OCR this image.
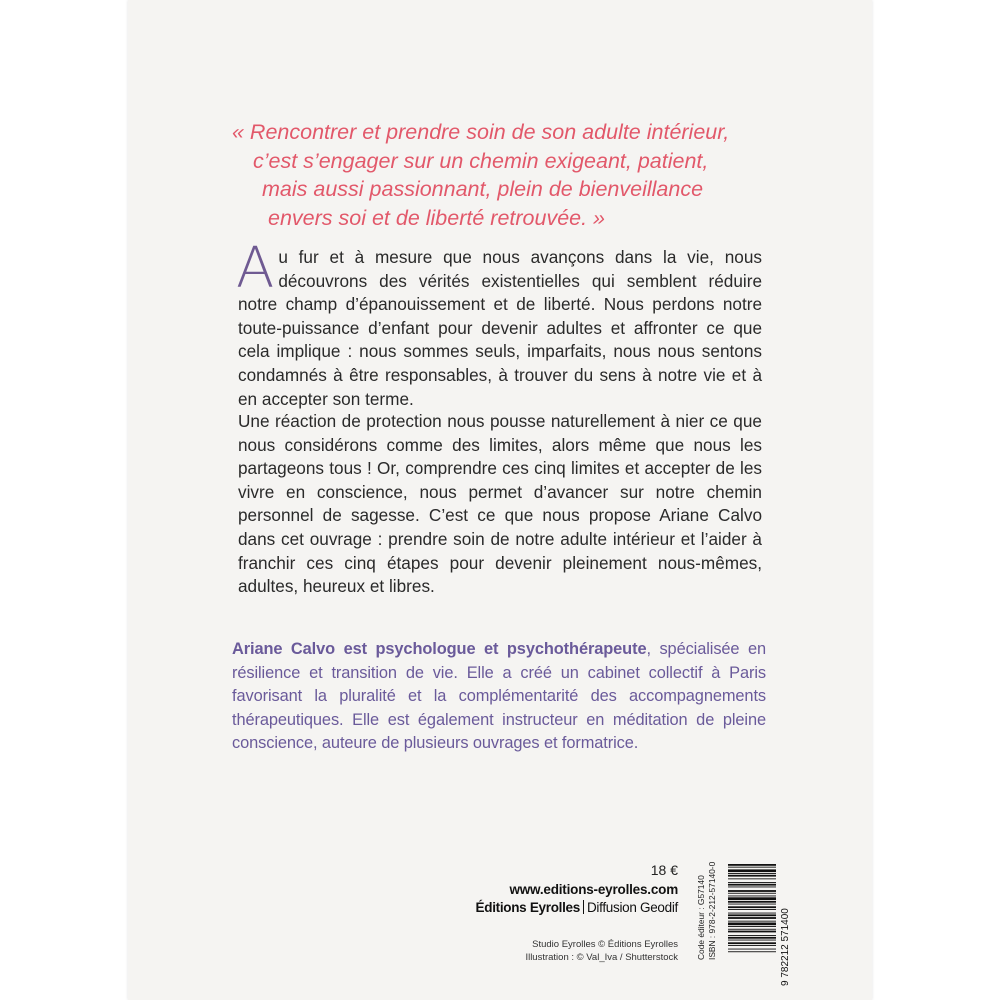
« Rencontrer et prendre soin de son adulte intérieur,
c’est s’engager sur un chemin exigeant, patient,
mais aussi passionnant, plein de bienveillance
envers soi et de liberté retrouvée. »
Au fur et à mesure que nous avançons dans la vie, nous découvrons des vérités existentielles qui semblent réduire notre champ d’épanouissement et de liberté. Nous perdons notre toute-puissance d’enfant pour devenir adultes et affronter ce que cela implique : nous sommes seuls, imparfaits, nous nous sentons condamnés à être responsables, à trouver du sens à notre vie et à en accepter son terme.
Une réaction de protection nous pousse naturellement à nier ce que nous considérons comme des limites, alors même que nous les partageons tous ! Or, comprendre ces cinq limites et accepter de les vivre en conscience, nous permet d’avancer sur notre chemin personnel de sagesse. C’est ce que nous propose Ariane Calvo dans cet ouvrage : prendre soin de notre adulte intérieur et l’aider à franchir ces cinq étapes pour devenir pleinement nous-mêmes, adultes, heureux et libres.
Ariane Calvo est psychologue et psychothérapeute, spécialisée en résilience et transition de vie. Elle a créé un cabinet collectif à Paris favorisant la pluralité et la complémentarité des accompagnements thérapeutiques. Elle est également instructeur en méditation de pleine conscience, auteure de plusieurs ouvrages et formatrice.
18 €
www.editions-eyrolles.com
Éditions Eyrolles Diffusion Geodif
Studio Eyrolles © Éditions Eyrolles
Illustration : © Val_Iva / Shutterstock Code éditeur : G57140 ISBN : 978-2-212-57140-0	9 782212 571400
